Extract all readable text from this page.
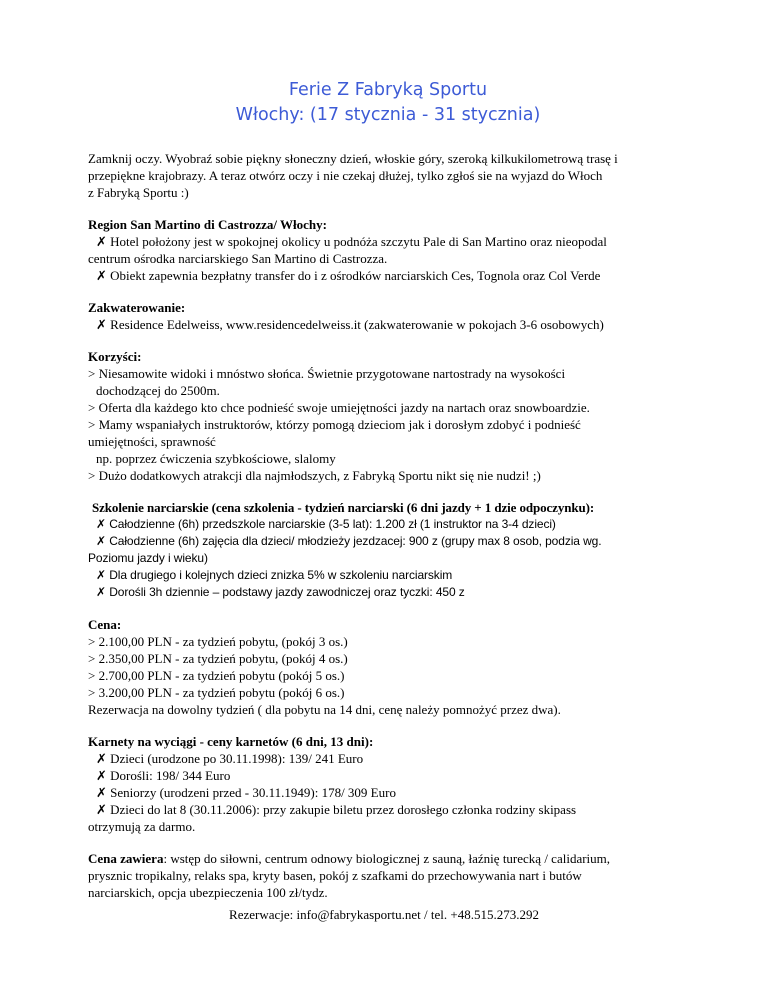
Ferie Z Fabryką Sportu
Włochy: (17 stycznia - 31 stycznia)

Zamknij oczy. Wyobraź sobie piękny słoneczny dzień, włoskie góry, szeroką kilkukilometrową trasę i

przepiękne krajobrazy. A teraz otwórz oczy i nie czekaj dłużej, tylko zgłoś sie na wyjazd do Włoch

z Fabryką Sportu :)

Region San Martino di Castrozza/ Włochy:

✗ Hotel położony jest w spokojnej okolicy u podnóża szczytu Pale di San Martino oraz nieopodal

centrum ośrodka narciarskiego San Martino di Castrozza.

✗ Obiekt zapewnia bezpłatny transfer do i z ośrodków narciarskich Ces, Tognola oraz Col Verde

Zakwaterowanie:

✗ Residence Edelweiss, www.residencedelweiss.it (zakwaterowanie w pokojach 3-6 osobowych)

Korzyści:

> Niesamowite widoki i mnóstwo słońca. Świetnie przygotowane nartostrady na wysokości

dochodzącej do 2500m.

> Oferta dla każdego kto chce podnieść swoje umiejętności jazdy na nartach oraz snowboardzie.

> Mamy wspaniałych instruktorów, którzy pomogą dzieciom jak i dorosłym zdobyć i podnieść

umiejętności, sprawność

np. poprzez ćwiczenia szybkościowe, slalomy

> Dużo dodatkowych atrakcji dla najmłodszych, z Fabryką Sportu nikt się nie nudzi! ;)

Szkolenie narciarskie (cena szkolenia - tydzień narciarski (6 dni jazdy + 1 dzie odpoczynku):

✗ Całodzienne (6h) przedszkole narciarskie (3-5 lat): 1.200 zł (1 instruktor na 3-4 dzieci)

✗ Całodzienne (6h) zajęcia dla dzieci/ młodzieży jezdzacej: 900 z (grupy max 8 osob, podzia wg.

Poziomu jazdy i wieku)

✗ Dla drugiego i kolejnych dzieci znizka 5% w szkoleniu narciarskim

✗ Dorośli 3h dziennie – podstawy jazdy zawodniczej oraz tyczki: 450 z

Cena:

> 2.100,00 PLN - za tydzień pobytu, (pokój 3 os.)

> 2.350,00 PLN - za tydzień pobytu, (pokój 4 os.)

> 2.700,00 PLN - za tydzień pobytu (pokój 5 os.)

> 3.200,00 PLN - za tydzień pobytu (pokój 6 os.)

Rezerwacja na dowolny tydzień ( dla pobytu na 14 dni, cenę należy pomnożyć przez dwa).

Karnety na wyciągi - ceny karnetów (6 dni, 13 dni):

✗ Dzieci (urodzone po 30.11.1998): 139/ 241 Euro

✗ Dorośli: 198/ 344 Euro

✗ Seniorzy (urodzeni przed - 30.11.1949): 178/ 309 Euro

✗ Dzieci do lat 8 (30.11.2006): przy zakupie biletu przez dorosłego członka rodziny skipass

otrzymują za darmo.

Cena zawiera: wstęp do siłowni, centrum odnowy biologicznej z sauną, łaźnię turecką / calidarium,

prysznic tropikalny, relaks spa, kryty basen, pokój z szafkami do przechowywania nart i butów

narciarskich, opcja ubezpieczenia 100 zł/tydz.

Rezerwacje: info@fabrykasportu.net / tel. +48.515.273.292
